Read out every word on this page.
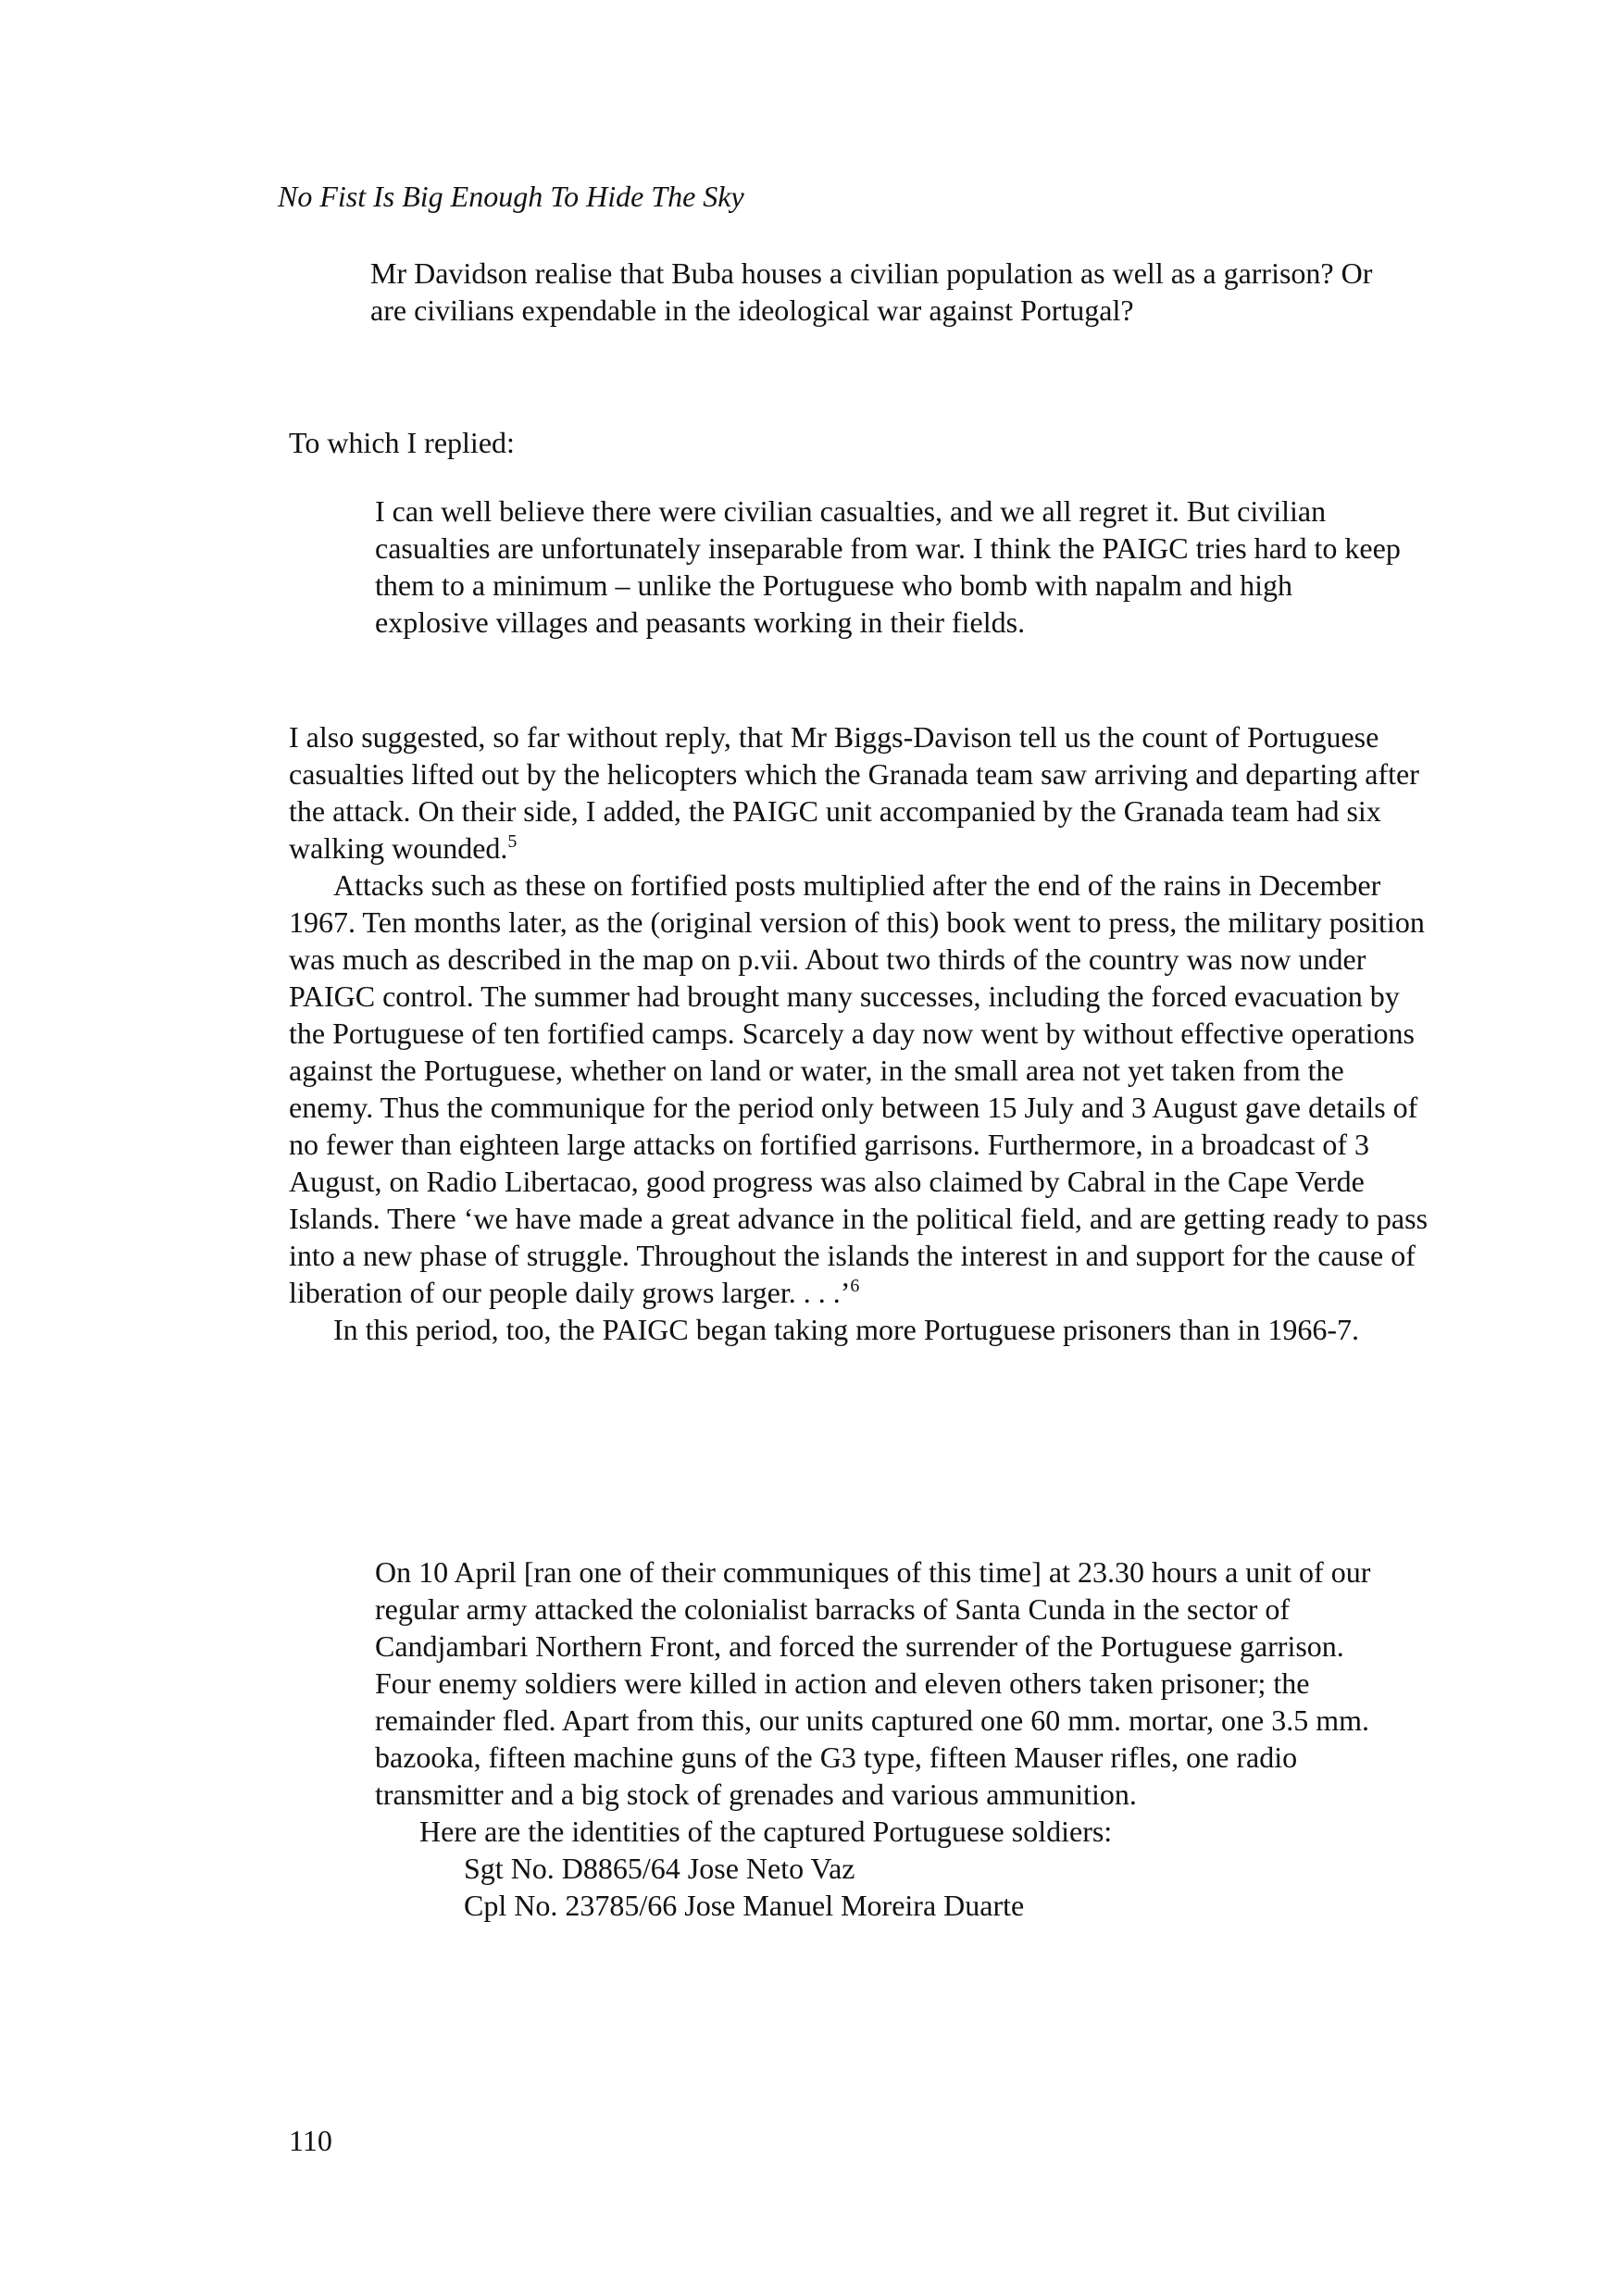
No Fist Is Big Enough To Hide The Sky
Mr Davidson realise that Buba houses a civilian population as well as a garrison? Or are civilians expendable in the ideological war against Portugal?
To which I replied:
I can well believe there were civilian casualties, and we all regret it. But civilian casualties are unfortunately inseparable from war. I think the PAIGC tries hard to keep them to a minimum – unlike the Portuguese who bomb with napalm and high explosive villages and peasants working in their fields.

I also suggested, so far without reply, that Mr Biggs-Davison tell us the count of Portuguese casualties lifted out by the helicopters which the Granada team saw arriving and departing after the attack. On their side, I added, the PAIGC unit accompanied by the Granada team had six walking wounded.$^5$

Attacks such as these on fortified posts multiplied after the end of the rains in December 1967. Ten months later, as the (original version of this) book went to press, the military position was much as described in the map on p.vii. About two thirds of the country was now under PAIGC control. The summer had brought many successes, including the forced evacuation by the Portuguese of ten fortified camps. Scarcely a day now went by without effective operations against the Portuguese, whether on land or water, in the small area not yet taken from the enemy. Thus the communique for the period only between 15 July and 3 August gave details of no fewer than eighteen large attacks on fortified garrisons. Furthermore, in a broadcast of 3 August, on Radio Libertacao, good progress was also claimed by Cabral in the Cape Verde Islands. There ‘we have made a great advance in the political field, and are getting ready to pass into a new phase of struggle. Throughout the islands the interest in and support for the cause of liberation of our people daily grows larger. . . .’$^6$

In this period, too, the PAIGC began taking more Portuguese prisoners than in 1966-7.

On 10 April [ran one of their communiques of this time] at 23.30 hours a unit of our regular army attacked the colonialist barracks of Santa Cunda in the sector of Candjambari Northern Front, and forced the surrender of the Portuguese garrison. Four enemy soldiers were killed in action and eleven others taken prisoner; the remainder fled. Apart from this, our units captured one 60 mm. mortar, one 3.5 mm. bazooka, fifteen machine guns of the G3 type, fifteen Mauser rifles, one radio transmitter and a big stock of grenades and various ammunition.

Here are the identities of the captured Portuguese soldiers:

Sgt No. D8865/64 Jose Neto Vaz
Cpl No. 23785/66 Jose Manuel Moreira Duarte
110
